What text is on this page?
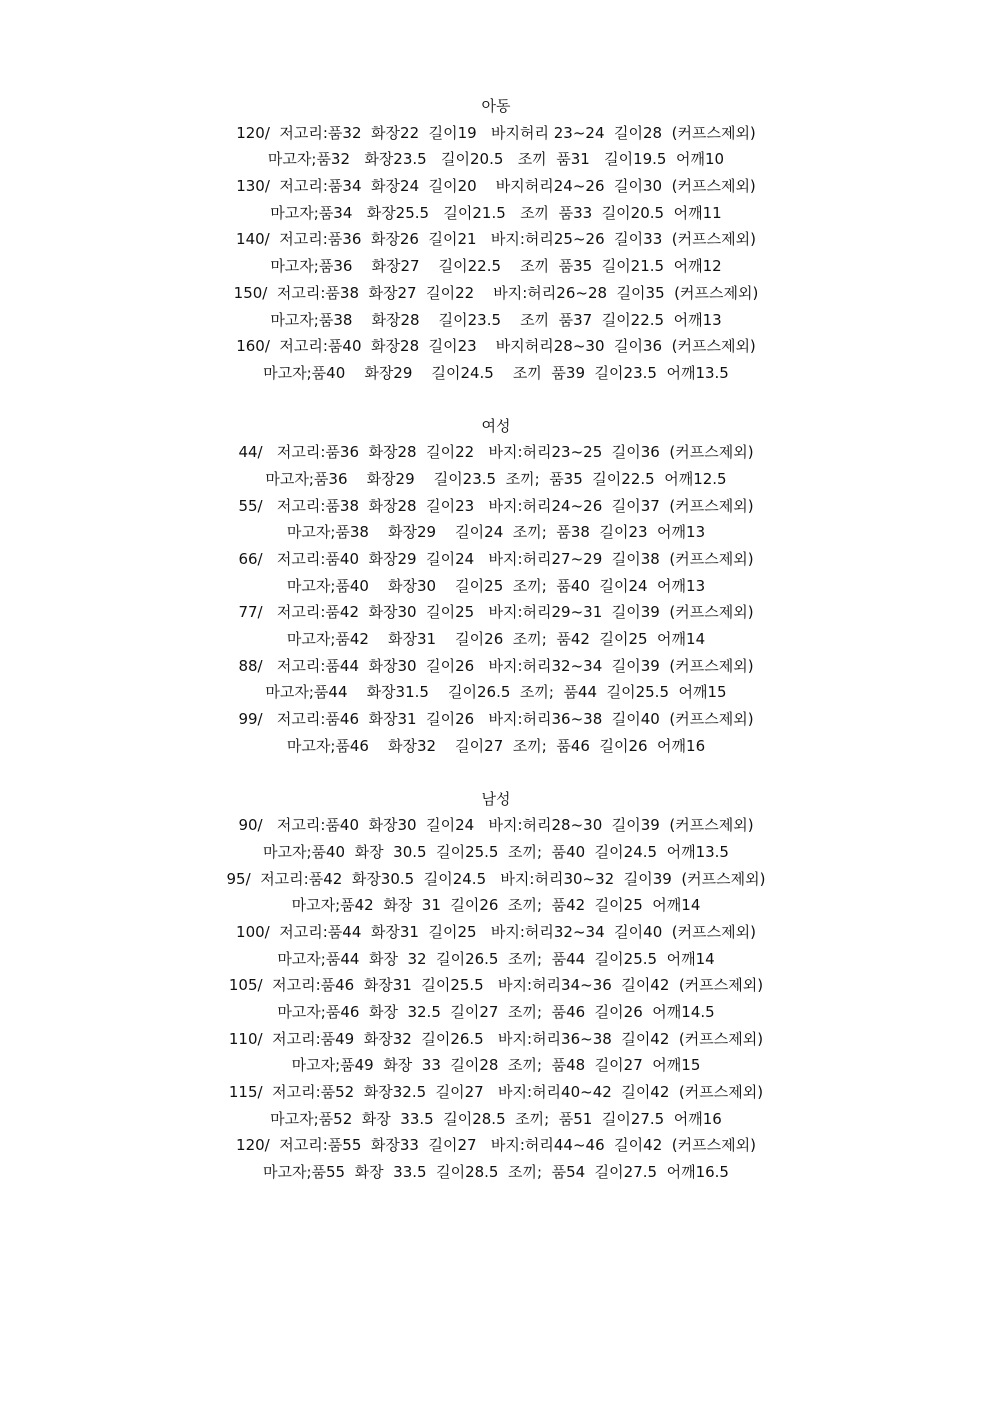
아동

120/  저고리:품32  화장22  길이19   바지허리 23~24  길이28  (커프스제외)

마고자;품32   화장23.5   길이20.5   조끼  품31   길이19.5  어깨10

130/  저고리:품34  화장24  길이20    바지허리24~26  길이30  (커프스제외)

마고자;품34   화장25.5   길이21.5   조끼  품33  길이20.5  어깨11

140/  저고리:품36  화장26  길이21   바지:허리25~26  길이33  (커프스제외)

마고자;품36    화장27    길이22.5    조끼  품35  길이21.5  어깨12

150/  저고리:품38  화장27  길이22    바지:허리26~28  길이35  (커프스제외)

마고자;품38    화장28    길이23.5    조끼  품37  길이22.5  어깨13

160/  저고리:품40  화장28  길이23    바지허리28~30  길이36  (커프스제외)

마고자;품40    화장29    길이24.5    조끼  품39  길이23.5  어깨13.5

여성

44/   저고리:품36  화장28  길이22   바지:허리23~25  길이36  (커프스제외)

마고자;품36    화장29    길이23.5  조끼;  품35  길이22.5  어깨12.5

55/   저고리:품38  화장28  길이23   바지:허리24~26  길이37  (커프스제외)

마고자;품38    화장29    길이24  조끼;  품38  길이23  어깨13

66/   저고리:품40  화장29  길이24   바지:허리27~29  길이38  (커프스제외)

마고자;품40    화장30    길이25  조끼;  품40  길이24  어깨13

77/   저고리:품42  화장30  길이25   바지:허리29~31  길이39  (커프스제외)

마고자;품42    화장31    길이26  조끼;  품42  길이25  어깨14

88/   저고리:품44  화장30  길이26   바지:허리32~34  길이39  (커프스제외)

마고자;품44    화장31.5    길이26.5  조끼;  품44  길이25.5  어깨15

99/   저고리:품46  화장31  길이26   바지:허리36~38  길이40  (커프스제외)

마고자;품46    화장32    길이27  조끼;  품46  길이26  어깨16

남성

90/   저고리:품40  화장30  길이24   바지:허리28~30  길이39  (커프스제외)

마고자;품40  화장  30.5  길이25.5  조끼;  품40  길이24.5  어깨13.5

95/  저고리:품42  화장30.5  길이24.5   바지:허리30~32  길이39  (커프스제외)

마고자;품42  화장  31  길이26  조끼;  품42  길이25  어깨14

100/  저고리:품44  화장31  길이25   바지:허리32~34  길이40  (커프스제외)

마고자;품44  화장  32  길이26.5  조끼;  품44  길이25.5  어깨14

105/  저고리:품46  화장31  길이25.5   바지:허리34~36  길이42  (커프스제외)

마고자;품46  화장  32.5  길이27  조끼;  품46  길이26  어깨14.5

110/  저고리:품49  화장32  길이26.5   바지:허리36~38  길이42  (커프스제외)

마고자;품49  화장  33  길이28  조끼;  품48  길이27  어깨15

115/  저고리:품52  화장32.5  길이27   바지:허리40~42  길이42  (커프스제외)

마고자;품52  화장  33.5  길이28.5  조끼;  품51  길이27.5  어깨16

120/  저고리:품55  화장33  길이27   바지:허리44~46  길이42  (커프스제외)

마고자;품55  화장  33.5  길이28.5  조끼;  품54  길이27.5  어깨16.5
